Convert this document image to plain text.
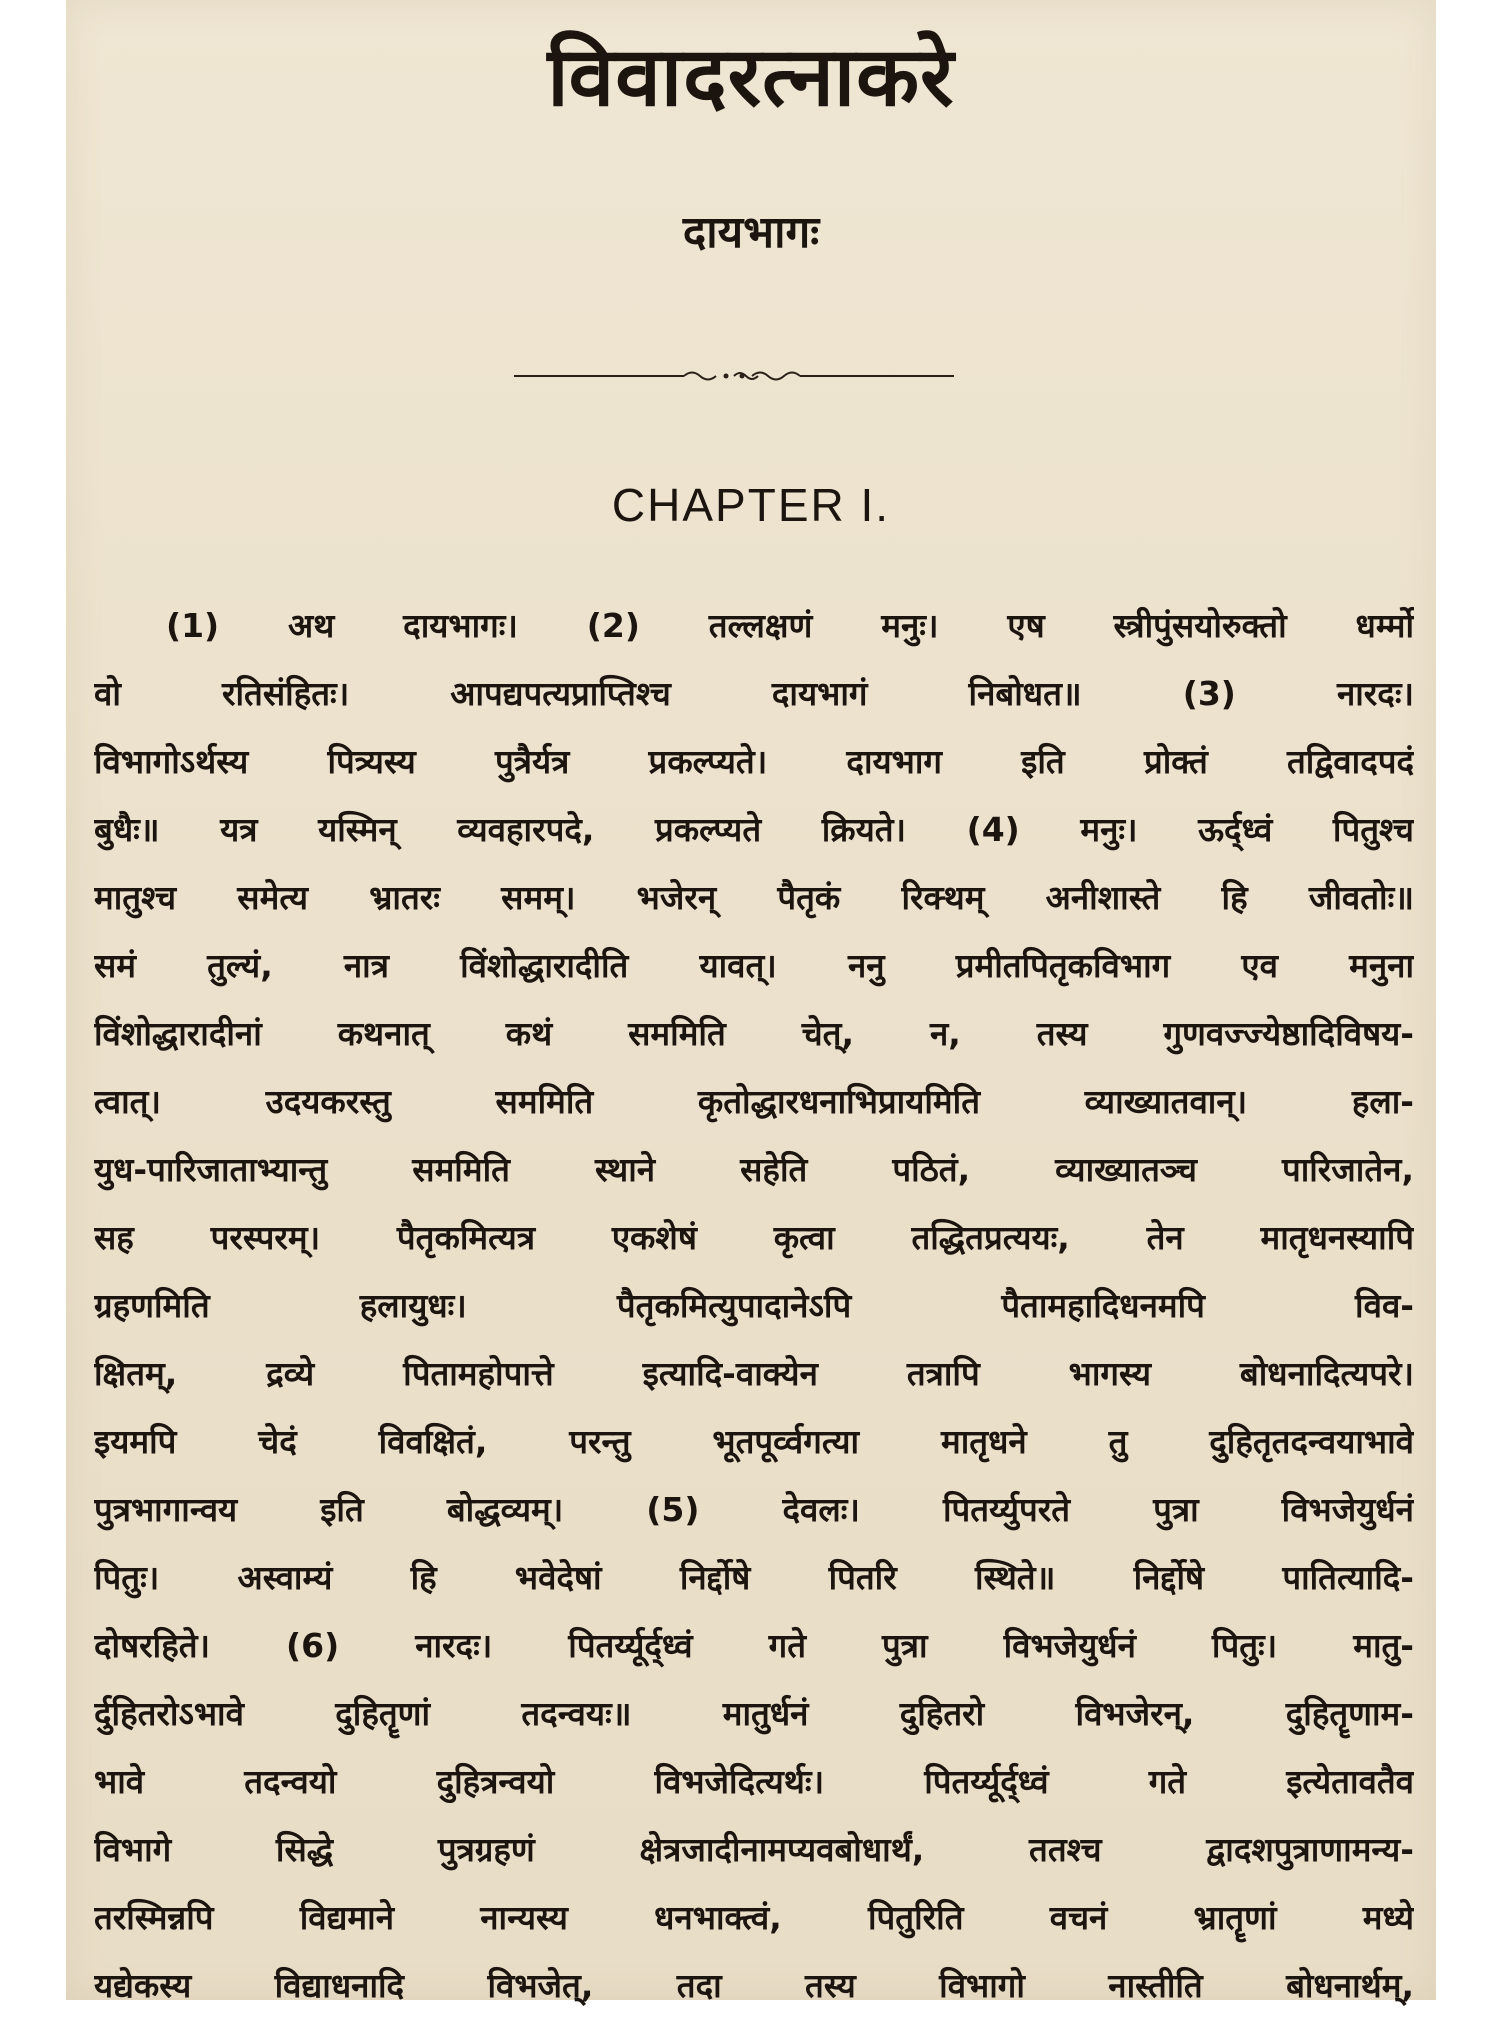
विवादरत्नाकरे
दायभागः
CHAPTER I.
(1) अथ दायभागः। (2) तल्लक्षणं मनुः। एष स्त्रीपुंसयोरुक्तो धर्म्मो
वो रतिसंहितः। आपद्यपत्यप्राप्तिश्च दायभागं निबोधत॥ (3) नारदः।
विभागोऽर्थस्य पित्र्यस्य पुत्रैर्यत्र प्रकल्प्यते। दायभाग इति प्रोक्तं तद्विवादपदं
बुधैः॥ यत्र यस्मिन् व्यवहारपदे, प्रकल्प्यते क्रियते। (4) मनुः। ऊर्द्ध्वं पितुश्च
मातुश्च समेत्य भ्रातरः समम्। भजेरन् पैतृकं रिक्थम् अनीशास्ते हि जीवतोः॥
समं तुल्यं, नात्र विंशोद्धारादीति यावत्। ननु प्रमीतपितृकविभाग एव मनुना
विंशोद्धारादीनां कथनात् कथं सममिति चेत्, न, तस्य गुणवज्ज्येष्ठादिविषय-
त्वात्। उदयकरस्तु सममिति कृतोद्धारधनाभिप्रायमिति व्याख्यातवान्। हला-
युध-पारिजाताभ्यान्तु सममिति स्थाने सहेति पठितं, व्याख्यातञ्च पारिजातेन,
सह परस्परम्। पैतृकमित्यत्र एकशेषं कृत्वा तद्धितप्रत्ययः, तेन मातृधनस्यापि
ग्रहणमिति हलायुधः। पैतृकमित्युपादानेऽपि पैतामहादिधनमपि विव-
क्षितम्, द्रव्ये पितामहोपात्ते इत्यादि-वाक्येन तत्रापि भागस्य बोधनादित्यपरे।
इयमपि चेदं विवक्षितं, परन्तु भूतपूर्व्वगत्या मातृधने तु दुहितृतदन्वयाभावे
पुत्रभागान्वय इति बोद्धव्यम्। (5) देवलः। पितर्य्युपरते पुत्रा विभजेयुर्धनं
पितुः। अस्वाम्यं हि भवेदेषां निर्द्दोषे पितरि स्थिते॥ निर्द्दोषे पातित्यादि-
दोषरहिते। (6) नारदः। पितर्य्यूर्द्ध्वं गते पुत्रा विभजेयुर्धनं पितुः। मातु-
र्दुहितरोऽभावे दुहितॄणां तदन्वयः॥ मातुर्धनं दुहितरो विभजेरन्, दुहितॄणाम-
भावे तदन्वयो दुहित्रन्वयो विभजेदित्यर्थः। पितर्य्यूर्द्ध्वं गते इत्येतावतैव
विभागे सिद्धे पुत्रग्रहणं क्षेत्रजादीनामप्यवबोधार्थं, ततश्च द्वादशपुत्राणामन्य-
तरस्मिन्नपि विद्यमाने नान्यस्य धनभाक्त्वं, पितुरिति वचनं भ्रातॄणां मध्ये
यद्येकस्य विद्याधनादि विभजेत्, तदा तस्य विभागो नास्तीति बोधनार्थम्,
